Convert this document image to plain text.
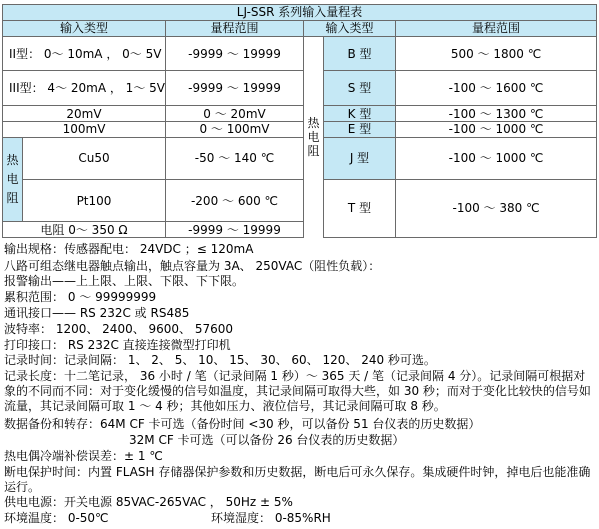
LJ-SSR 系列输入量程表					
输入类型		量程范围	输入类型		量程范围
II型： 0～ 10mA ， 0～ 5V		-9999 ～ 19999	热电阻	B 型	500 ～ 1800 ℃
III型： 4～ 20mA ， 1～ 5V		-9999 ～ 19999		S 型	-100 ～ 1600 ℃
20mV		0 ～ 20mV		K 型	-100 ～ 1300 ℃
100mV		0 ～ 100mV		E 型	-100 ～ 1000 ℃

热电阻	Cu50	-50 ～ 140 ℃		J 型	-100 ～ 1000 ℃
	Pt100	-200 ～ 600 ℃		T 型	-100 ～ 380 ℃
电阻 0～ 350 Ω		-9999 ～ 19999			
输出规格：传感器配电： 24VDC ；≤ 120mA
八路可组态继电器触点输出，触点容量为 3A、 250VAC（阻性负载）：
报警输出——上上限、上限、下限、下下限。
累积范围： 0 ～ 99999999
通讯接口—— RS 232C 或 RS485
波特率： 1200、 2400、 9600、 57600
打印接口： RS 232C 直接连接微型打印机
记录时间：记录间隔： 1、 2、 5、 10、 15、 30、 60、 120、 240 秒可选。
记录长度：十二笔记录， 36 小时 / 笔（记录间隔 1 秒）～ 365 天 / 笔（记录间隔 4 分）。记录间隔可根据对象的不同而不同：对于变化缓慢的信号如温度，其记录间隔可取得大些，如 30 秒；而对于变化比较快的信号如流量，其记录间隔可取 1 ～ 4 秒；其他如压力、液位信号，其记录间隔可取 8 秒。
数据备份和转存：64M CF 卡可选（备份时间 <30 秒，可以备份 51 台仪表的历史数据）
32M CF 卡可选（可以备份 26 台仪表的历史数据）
热电偶冷端补偿误差：± 1 ℃
断电保护时间：内置 FLASH 存储器保护参数和历史数据，断电后可永久保存。集成硬件时钟，掉电后也能准确运行。
供电电源：开关电源 85VAC-265VAC ， 50Hz ± 5%
环境温度： 0-50℃	环境湿度： 0-85%RH
